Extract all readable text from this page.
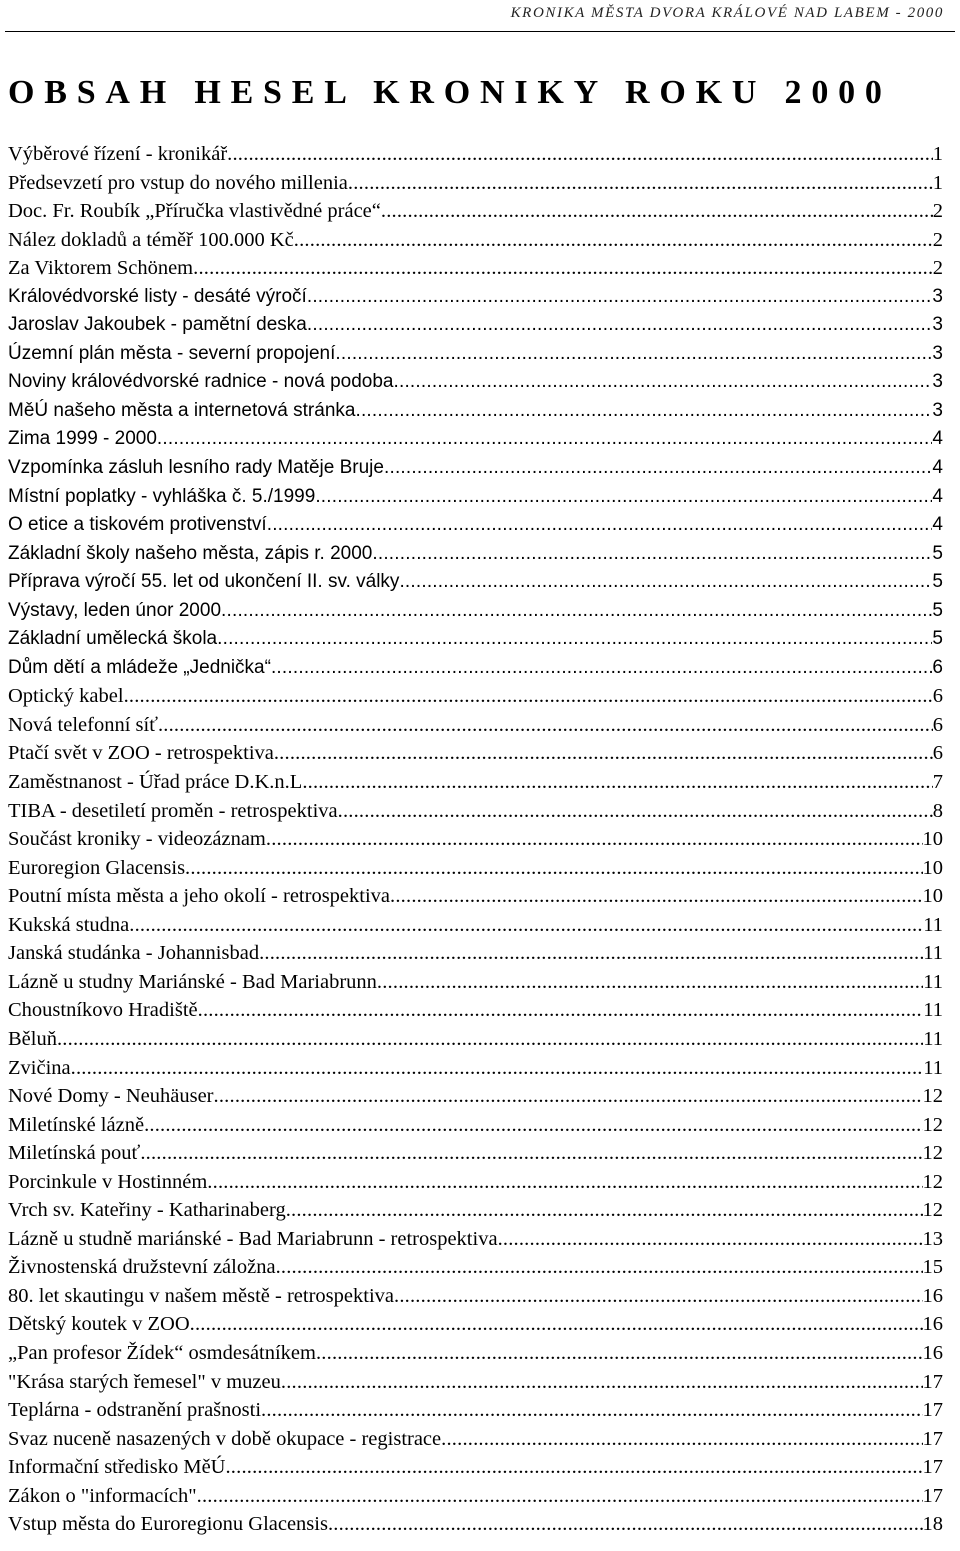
KRONIKA MĚSTA DVORA KRÁLOVÉ NAD LABEM - 2000
OBSAH HESEL KRONIKY ROKU 2000
Výběrové řízení - kronikář .....	1
Předsevzetí pro vstup do nového millenia .....	1
Doc. Fr. Roubík „Příručka vlastivědné práce“ .....	2
Nález dokladů a téměř 100.000 Kč .....	2
Za Viktorem Schönem .....	2
Královédvorské listy - desáté výročí .....	3
Jaroslav Jakoubek - pamětní deska .....	3
Územní plán města - severní propojení .....	3
Noviny královédvorské radnice - nová podoba .....	3
MěÚ našeho města a internetová stránka .....	3
Zima 1999 - 2000 .....	4
Vzpomínka zásluh lesního rady Matěje Bruje .....	4
Místní poplatky - vyhláška č. 5./1999 .....	4
O etice a tiskovém protivenství .....	4
Základní školy našeho města, zápis r. 2000 .....	5
Příprava výročí 55. let od ukončení II. sv. války .....	5
Výstavy, leden únor 2000 .....	5
Základní umělecká škola .....	5
Dům dětí a mládeže „Jednička“ .....	6
Optický kabel .....	6
Nová telefonní síť .....	6
Ptačí svět v ZOO - retrospektiva .....	6
Zaměstnanost - Úřad práce D.K.n.L .....	7
TIBA - desetiletí proměn - retrospektiva .....	8
Součást kroniky - videozáznam .....	10
Euroregion Glacensis .....	10
Poutní místa města a jeho okolí - retrospektiva .....	10
Kukská studna .....	11
Janská studánka - Johannisbad .....	11
Lázně u studny Mariánské - Bad Mariabrunn .....	11
Choustníkovo Hradiště .....	11
Běluň .....	11
Zvičina .....	11
Nové Domy - Neuhäuser .....	12
Miletínské lázně .....	12
Miletínská pouť .....	12
Porcinkule v Hostinném .....	12
Vrch sv. Kateřiny - Katharinaberg .....	12
Lázně u studně mariánské - Bad Mariabrunn - retrospektiva .....	13
Živnostenská družstevní záložna .....	15
80. let skautingu v našem městě - retrospektiva .....	16
Dětský koutek v ZOO .....	16
„Pan profesor Žídek“ osmdesátníkem .....	16
"Krása starých řemesel" v muzeu .....	17
Teplárna - odstranění prašnosti .....	17
Svaz nuceně nasazených v době okupace - registrace .....	17
Informační středisko MěÚ .....	17
Zákon o "informacích" .....	17
Vstup města do Euroregionu Glacensis .....	18
